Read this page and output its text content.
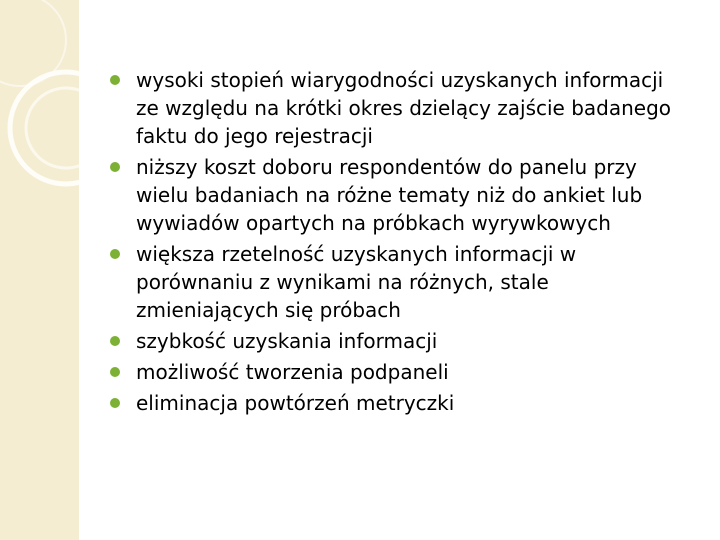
wysoki stopień wiarygodności uzyskanych informacji ze względu na krótki okres dzielący zajście badanego faktu do jego rejestracji
niższy koszt doboru respondentów do panelu przy wielu badaniach na różne tematy niż do ankiet lub wywiadów opartych na próbkach wyrywkowych
większa rzetelność uzyskanych informacji w porównaniu z wynikami na różnych, stale zmieniających się próbach
szybkość uzyskania informacji
możliwość tworzenia podpaneli
eliminacja powtórzeń metryczki
